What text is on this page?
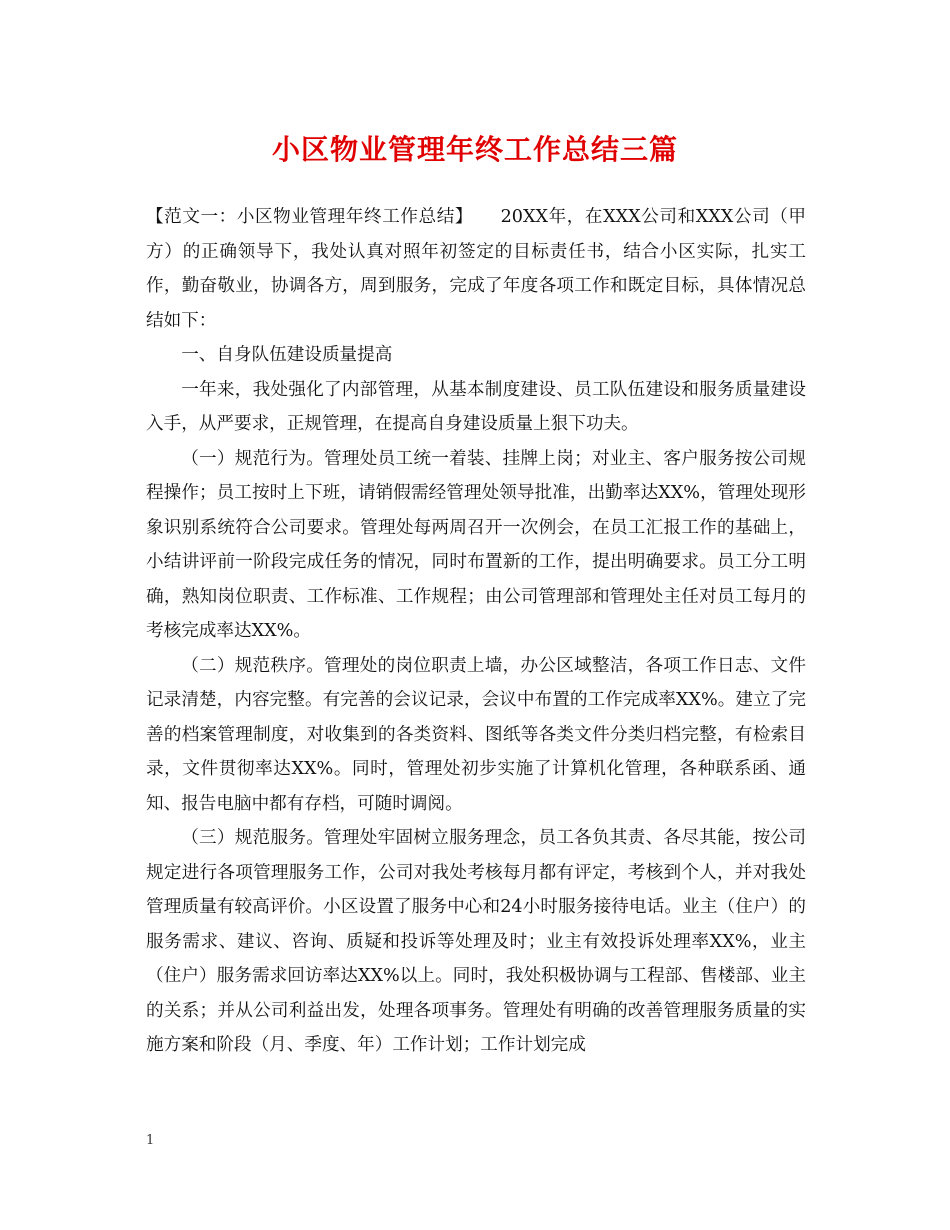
小区物业管理年终工作总结三篇

【范文一：小区物业管理年终工作总结】　　20XX年，在XXX公司和XXX公司（甲方）的正确领导下，我处认真对照年初签定的目标责任书，结合小区实际，扎实工作，勤奋敬业，协调各方，周到服务，完成了年度各项工作和既定目标，具体情况总结如下：

一、自身队伍建设质量提高

一年来，我处强化了内部管理，从基本制度建设、员工队伍建设和服务质量建设入手，从严要求，正规管理，在提高自身建设质量上狠下功夫。

（一）规范行为。管理处员工统一着装、挂牌上岗；对业主、客户服务按公司规程操作；员工按时上下班，请销假需经管理处领导批准，出勤率达XX%，管理处现形象识别系统符合公司要求。管理处每两周召开一次例会，在员工汇报工作的基础上，小结讲评前一阶段完成任务的情况，同时布置新的工作，提出明确要求。员工分工明确，熟知岗位职责、工作标准、工作规程；由公司管理部和管理处主任对员工每月的考核完成率达XX%。

（二）规范秩序。管理处的岗位职责上墙，办公区域整洁，各项工作日志、文件记录清楚，内容完整。有完善的会议记录，会议中布置的工作完成率XX%。建立了完善的档案管理制度，对收集到的各类资料、图纸等各类文件分类归档完整，有检索目录，文件贯彻率达XX%。同时，管理处初步实施了计算机化管理，各种联系函、通知、报告电脑中都有存档，可随时调阅。

（三）规范服务。管理处牢固树立服务理念，员工各负其责、各尽其能，按公司规定进行各项管理服务工作，公司对我处考核每月都有评定，考核到个人，并对我处管理质量有较高评价。小区设置了服务中心和24小时服务接待电话。业主（住户）的服务需求、建议、咨询、质疑和投诉等处理及时；业主有效投诉处理率XX%，业主（住户）服务需求回访率达XX%以上。同时，我处积极协调与工程部、售楼部、业主的关系；并从公司利益出发，处理各项事务。管理处有明确的改善管理服务质量的实施方案和阶段（月、季度、年）工作计划；工作计划完成

1
